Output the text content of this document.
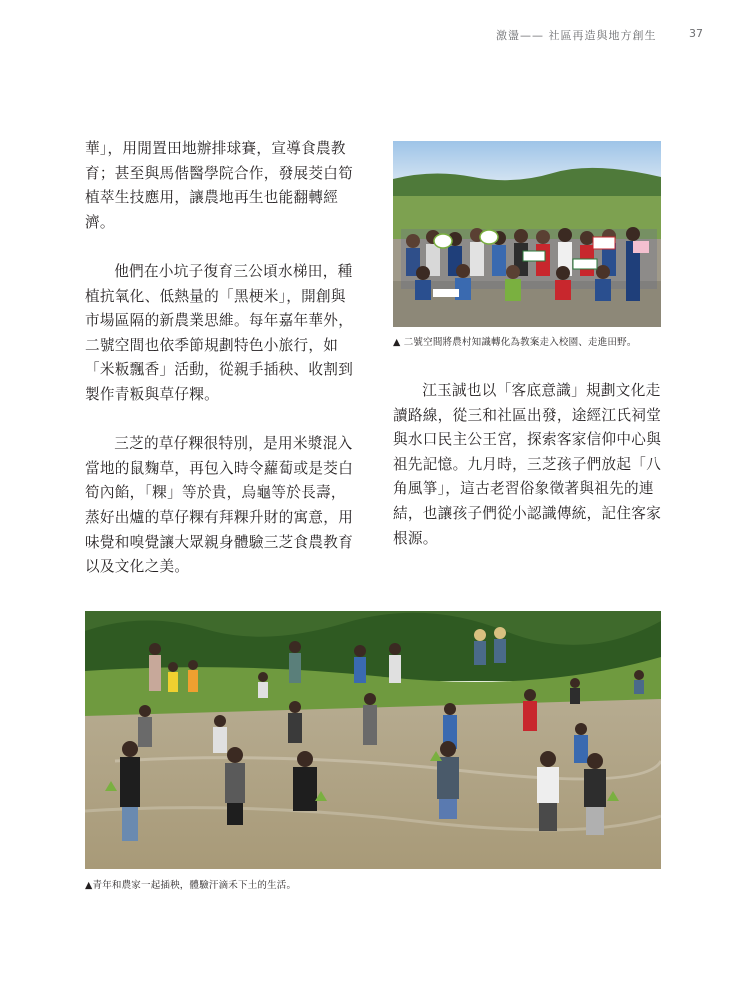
激盪—— 社區再造與地方創生	37

華」，用閒置田地辦排球賽，宣導食農教育；甚至與馬偕醫學院合作，發展茭白筍植萃生技應用，讓農地再生也能翻轉經濟。

他們在小坑子復育三公頃水梯田，種植抗氧化、低熱量的「黑梗米」，開創與市場區隔的新農業思維。每年嘉年華外，二號空間也依季節規劃特色小旅行，如「米粄飄香」活動，從親手插秧、收割到製作青粄與草仔粿。

三芝的草仔粿很特別，是用米漿混入當地的鼠麴草，再包入時令蘿蔔或是茭白筍內餡，「粿」等於貴，烏龜等於長壽，蒸好出爐的草仔粿有拜粿升財的寓意，用味覺和嗅覺讓大眾親身體驗三芝食農教育以及文化之美。

▲ 二號空間將農村知識轉化為教案走入校園、走進田野。

江玉誠也以「客底意識」規劃文化走讀路線，從三和社區出發，途經江氏祠堂與水口民主公王宮，探索客家信仰中心與祖先記憶。九月時，三芝孩子們放起「八角風箏」，這古老習俗象徵著與祖先的連結，也讓孩子們從小認識傳統，記住客家根源。

▲青年和農家一起插秧，體驗汗滴禾下土的生活。
